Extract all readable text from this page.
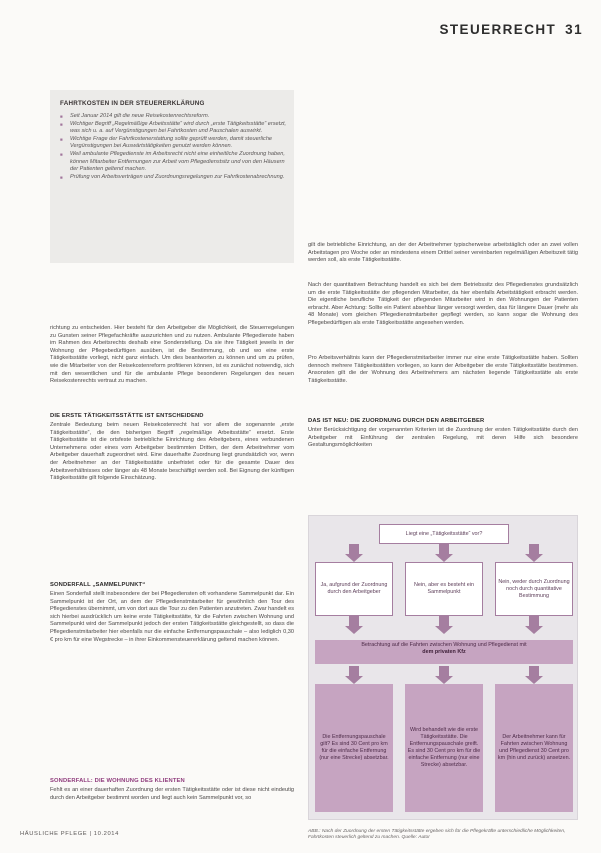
STEUERRECHT 31
FAHRTKOSTEN IN DER STEUERERKLÄRUNG
■ Seit Januar 2014 gilt die neue Reisekostenrechtsreform.
■ Wichtiger Begriff „Regelmäßige Arbeitsstätte“ wird durch „erste Tätigkeitsstätte“ ersetzt, was sich u. a. auf Vergünstigungen bei Fahrtkosten und Pauschalen auswirkt.
■ Wichtige Frage der Fahrtkostenerstattung sollte geprüft werden, damit steuerliche Vergünstigungen bei Auswärtstätigkeiten genutzt werden können.
■ Weil ambulante Pflegedienste im Arbeitsrecht nicht eine einheitliche Zuordnung haben, können Mitarbeiter Entfernungen zur Arbeit vom Pflegedienstsitz und von den Häusern der Patienten geltend machen.
■ Prüfung von Arbeitsverträgen und Zuordnungsregelungen zur Fahrtkostenabrechnung.

richtung zu entscheiden. Hier besteht für den Arbeitgeber die Möglichkeit, die Steuerregelungen zu Gunsten seiner Pflegefachkräfte auszurichten und zu nutzen. Ambulante Pflegedienste haben im Rahmen des Arbeitsrechts deshalb eine Sonderstellung. Da sie ihre Tätigkeit jeweils in der Wohnung der Pflegebedürftigen ausüben, ist die Bestimmung, ob und wo eine erste Tätigkeitsstätte vorliegt, nicht ganz einfach. Um dies beantworten zu können und um zu prüfen, wie die Mitarbeiter von der Reisekostenreform profitieren können, ist es zunächst notwendig, sich mit den wesentlichen und für die ambulante Pflege besonderen Regelungen des neuen Reisekostenrechts vertraut zu machen.

DIE ERSTE TÄTIGKEITSSTÄTTE IST ENTSCHEIDEND

Zentrale Bedeutung beim neuen Reisekostenrecht hat vor allem die sogenannte „erste Tätigkeitsstätte“, die den bisherigen Begriff „regelmäßige Arbeitsstätte“ ersetzt. Erste Tätigkeitsstätte ist die ortsfeste betriebliche Einrichtung des Arbeitgebers, eines verbundenen Unternehmens oder eines vom Arbeitgeber bestimmten Dritten, der dem Arbeitnehmer vom Arbeitgeber dauerhaft zugeordnet wird. Eine dauerhafte Zuordnung liegt grundsätzlich vor, wenn der Arbeitnehmer an der Tätigkeitsstätte unbefristet oder für die gesamte Dauer des Arbeitsverhältnisses oder länger als 48 Monate beschäftigt werden soll. Bei Eignung der künftigen Tätigkeitsstätte gilt folgende Einschätzung.

SONDERFALL „SAMMELPUNKT“

Einen Sonderfall stellt insbesondere der bei Pflegediensten oft vorhandene Sammelpunkt dar. Ein Sammelpunkt ist der Ort, an dem der Pflegedienstmitarbeiter für gewöhnlich den Tour des Pflegedienstes übernimmt, um von dort aus die Tour zu den Patienten anzutreten. Zwar handelt es sich hierbei ausdrücklich um keine erste Tätigkeitsstätte, für die Fahrten zwischen Wohnung und Sammelpunkt wird der Sammelpunkt jedoch der ersten Tätigkeitsstätte gleichgestellt, so dass die Pflegedienstmitarbeiter hier ebenfalls nur die einfache Entfernungspauschale – also lediglich 0,30 € pro km für eine Wegstrecke – in ihrer Einkommensteuererklärung geltend machen können.

SONDERFALL: DIE WOHNUNG DES KLIENTEN

Fehlt es an einer dauerhaften Zuordnung der ersten Tätigkeitsstätte oder ist diese nicht eindeutig durch den Arbeitgeber bestimmt worden und liegt auch kein Sammelpunkt vor, so

gilt die betriebliche Einrichtung, an der der Arbeitnehmer typischerweise arbeitstäglich oder an zwei vollen Arbeitstagen pro Woche oder an mindestens einem Drittel seiner vereinbarten regelmäßigen Arbeitszeit tätig werden soll, als erste Tätigkeitsstätte.

Nach der quantitativen Betrachtung handelt es sich bei dem Betriebssitz des Pflegedienstes grundsätzlich um die erste Tätigkeitsstätte der pflegenden Mitarbeiter, da hier ebenfalls Arbeitstätigkeit erbracht werden. Die eigentliche berufliche Tätigkeit der pflegenden Mitarbeiter wird in den Wohnungen der Patienten erbracht. Aber Achtung: Sollte ein Patient absehbar länger versorgt werden, das für längere Dauer (mehr als 48 Monate) vom gleichen Pflegedienstmitarbeiter gepflegt werden, so kann sogar die Wohnung des Pflegebedürftigen als erste Tätigkeitsstätte angesehen werden.

Pro Arbeitsverhältnis kann der Pflegedienstmitarbeiter immer nur eine erste Tätigkeitsstätte haben. Sollten dennoch mehrere Tätigkeitsstätten vorliegen, so kann der Arbeitgeber die erste Tätigkeitsstätte bestimmen. Ansonsten gilt die der Wohnung des Arbeitnehmers am nächsten liegende Tätigkeitsstätte als erste Tätigkeitsstätte.

DAS IST NEU: DIE ZUORDNUNG DURCH DEN ARBEITGEBER

Unter Berücksichtigung der vorgenannten Kriterien ist die Zuordnung der ersten Tätigkeitsstätte durch den Arbeitgeber mit Einführung der zentralen Regelung, mit deren Hilfe sich besondere Gestaltungsmöglichkeiten

Liegt eine „Tätigkeitsstätte“ vor?
Ja, aufgrund der Zuordnung durch den Arbeitgeber
Nein, aber es besteht ein Sammelpunkt
Nein, weder durch Zuordnung noch durch quantitative Bestimmung
Betrachtung auf die Fahrten zwischen Wohnung und Pflegedienst mit
dem privaten Kfz
Die Entfernungspauschale gilt? Es sind 30 Cent pro km für die einfache Entfernung (nur eine Strecke) absetzbar.
Wird behandelt wie die erste Tätigkeitsstätte. Die Entfernungspauschale greift. Es sind 30 Cent pro km für die einfache Entfernung (nur eine Strecke) absetzbar.
Der Arbeitnehmer kann für Fahrten zwischen Wohnung und Pflegedienst 30 Cent pro km (hin und zurück) ansetzen.

ABB.: Nach der Zuordnung der ersten Tätigkeitsstätte ergeben sich für die Pflegekräfte unterschiedliche Möglichkeiten, Fahrtkosten steuerlich geltend zu machen. Quelle: Autor

HÄUSLICHE PFLEGE | 10.2014
